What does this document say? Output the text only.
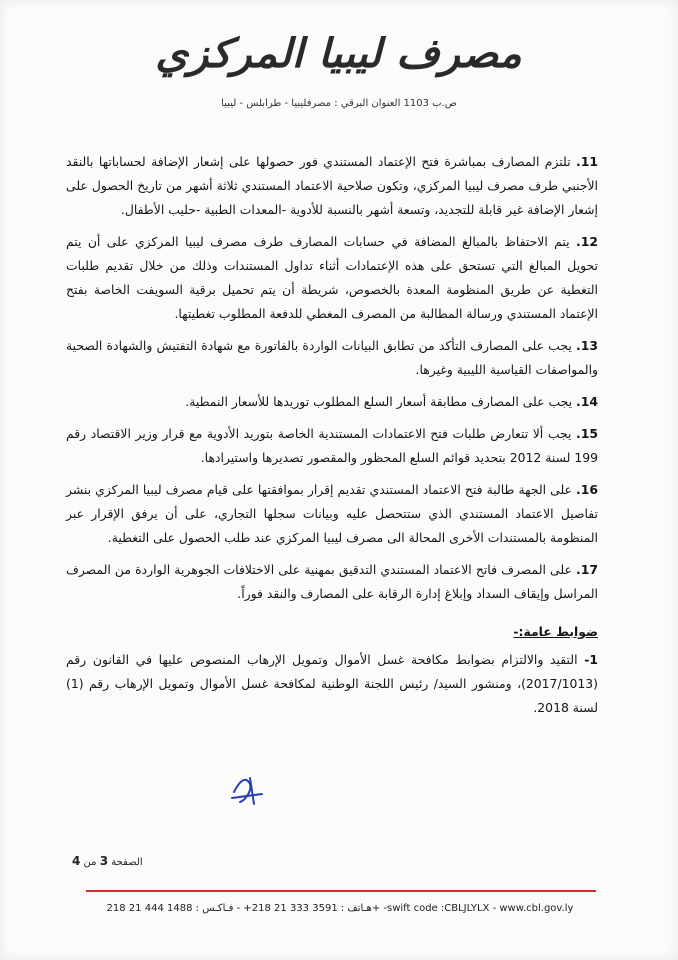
مصرف ليبيا المركزي
ص.ب 1103 العنوان البرقي : مصرفليبيا - طرابلس - ليبيا

11. تلتزم المصارف بمباشرة فتح الإعتماد المستندي فور حصولها على إشعار الإضافة لحساباتها بالنقد الأجنبي طرف مصرف ليبيا المركزي، وتكون صلاحية الاعتماد المستندي ثلاثة أشهر من تاريخ الحصول على إشعار الإضافة غير قابلة للتجديد، وتسعة أشهر بالنسبة للأدوية -المعدات الطبية -حليب الأطفال.

12. يتم الاحتفاظ بالمبالغ المضافة في حسابات المصارف طرف مصرف ليبيا المركزي على أن يتم تحويل المبالغ التي تستحق على هذه الإعتمادات أثناء تداول المستندات وذلك من خلال تقديم طلبات التغطية عن طريق المنظومة المعدة بالخصوص، شريطة أن يتم تحميل برقية السويفت الخاصة بفتح الإعتماد المستندي ورسالة المطالبة من المصرف المغطي للدفعة المطلوب تغطيتها.

13. يجب على المصارف التأكد من تطابق البيانات الواردة بالفاتورة مع شهادة التفتيش والشهادة الصحية والمواصفات القياسية الليبية وغيرها.

14. يجب على المصارف مطابقة أسعار السلع المطلوب توريدها للأسعار النمطية.

15. يجب ألا تتعارض طلبات فتح الاعتمادات المستندية الخاصة بتوريد الأدوية مع قرار وزير الاقتصاد رقم 199 لسنة 2012 بتحديد قوائم السلع المحظور والمقصور تصديرها واستيرادها.

16. على الجهة طالبة فتح الاعتماد المستندي تقديم إقرار بموافقتها على قيام مصرف ليبيا المركزي بنشر تفاصيل الاعتماد المستندي الذي ستتحصل عليه وبيانات سجلها التجاري، على أن يرفق الإقرار عبر المنظومة بالمستندات الأخرى المحالة الى مصرف ليبيا المركزي عند طلب الحصول على التغطية.

17. على المصرف فاتح الاعتماد المستندي التدقيق بمهنية على الاختلافات الجوهرية الواردة من المصرف المراسل وإيقاف السداد وإبلاغ إدارة الرقابة على المصارف والنقد فوراً.

ضوابط عامة:-

1- التقيد والالتزام بضوابط مكافحة غسل الأموال وتمويل الإرهاب المنصوص عليها في القانون رقم (2017/1013)، ومنشور السيد/ رئيس اللجنة الوطنية لمكافحة غسل الأموال وتمويل الإرهاب رقم (1) لسنة 2018.

الصفحة 3 من 4
هـاتف : 3591 333 21 218+ - فـاكـس : 1488 444 21 218+ -swift code :CBLJLYLX - www.cbl.gov.ly
